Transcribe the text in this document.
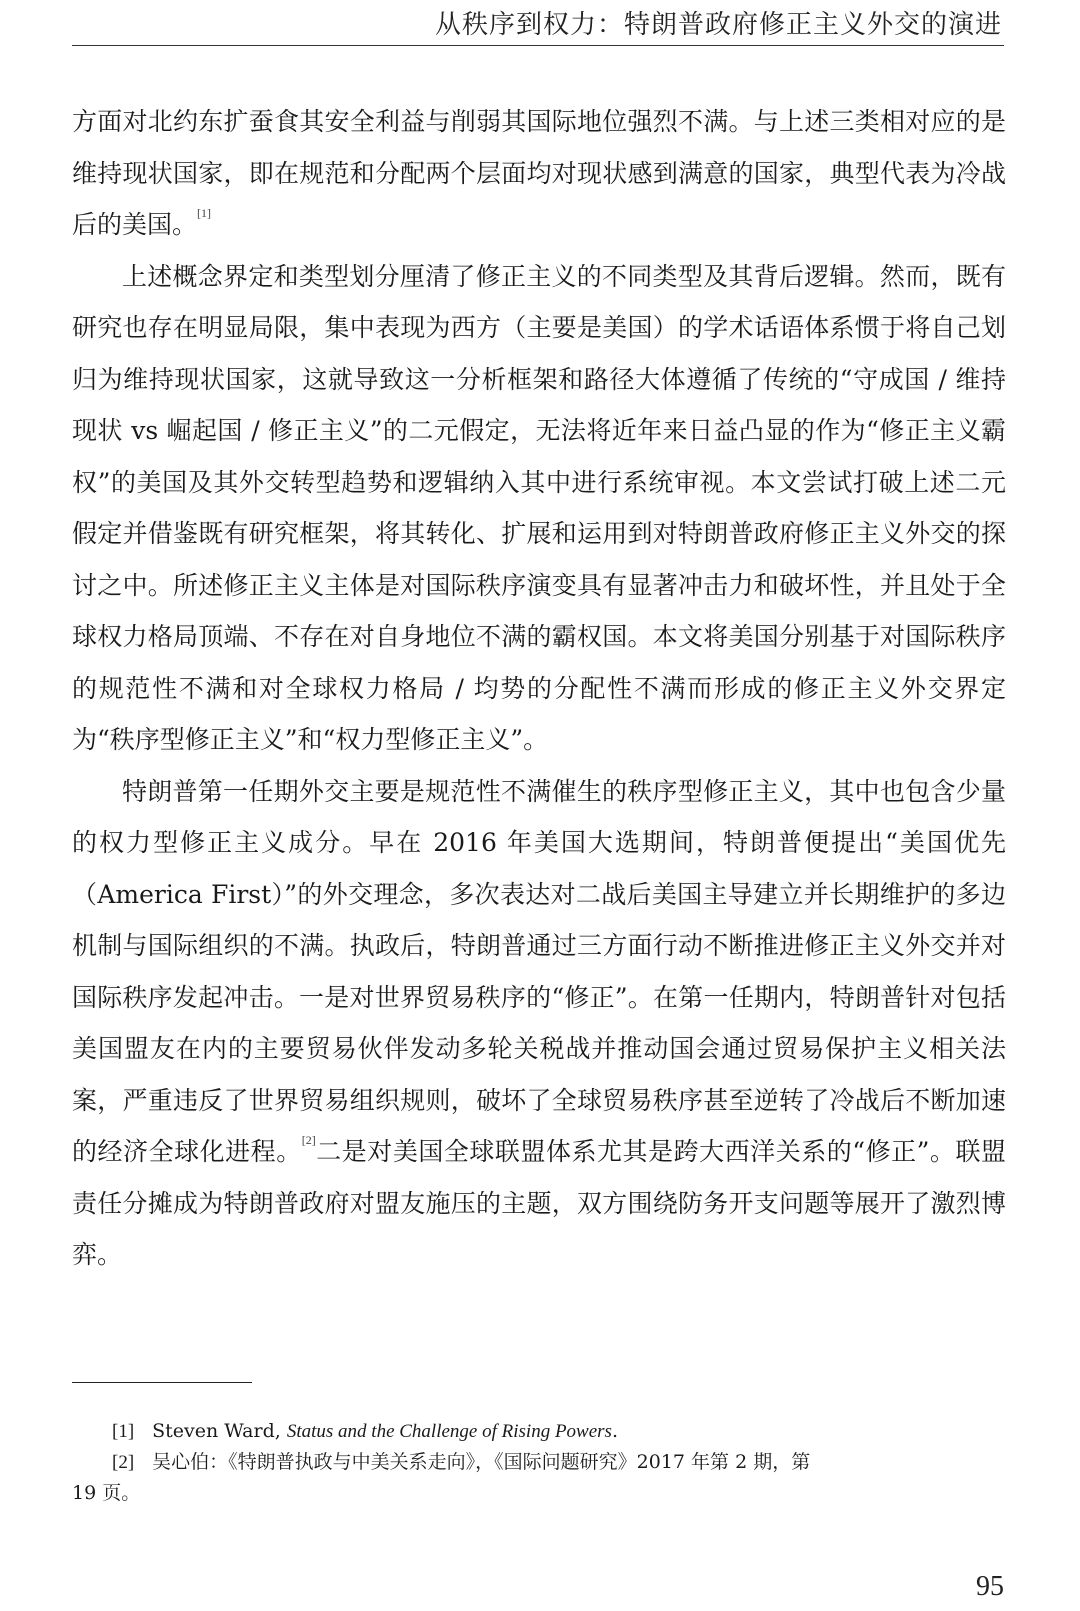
从秩序到权力：特朗普政府修正主义外交的演进

方面对北约东扩蚕食其安全利益与削弱其国际地位强烈不满。与上述三类相对应的是维持现状国家，即在规范和分配两个层面均对现状感到满意的国家，典型代表为冷战后的美国。[1]

上述概念界定和类型划分厘清了修正主义的不同类型及其背后逻辑。然而，既有研究也存在明显局限，集中表现为西方（主要是美国）的学术话语体系惯于将自己划归为维持现状国家，这就导致这一分析框架和路径大体遵循了传统的“守成国 / 维持现状 vs 崛起国 / 修正主义”的二元假定，无法将近年来日益凸显的作为“修正主义霸权”的美国及其外交转型趋势和逻辑纳入其中进行系统审视。本文尝试打破上述二元假定并借鉴既有研究框架，将其转化、扩展和运用到对特朗普政府修正主义外交的探讨之中。所述修正主义主体是对国际秩序演变具有显著冲击力和破坏性，并且处于全球权力格局顶端、不存在对自身地位不满的霸权国。本文将美国分别基于对国际秩序的规范性不满和对全球权力格局 / 均势的分配性不满而形成的修正主义外交界定为“秩序型修正主义”和“权力型修正主义”。

特朗普第一任期外交主要是规范性不满催生的秩序型修正主义，其中也包含少量的权力型修正主义成分。早在 2016 年美国大选期间，特朗普便提出“美国优先（America First）”的外交理念，多次表达对二战后美国主导建立并长期维护的多边机制与国际组织的不满。执政后，特朗普通过三方面行动不断推进修正主义外交并对国际秩序发起冲击。一是对世界贸易秩序的“修正”。在第一任期内，特朗普针对包括美国盟友在内的主要贸易伙伴发动多轮关税战并推动国会通过贸易保护主义相关法案，严重违反了世界贸易组织规则，破坏了全球贸易秩序甚至逆转了冷战后不断加速的经济全球化进程。[2]二是对美国全球联盟体系尤其是跨大西洋关系的“修正”。联盟责任分摊成为特朗普政府对盟友施压的主题，双方围绕防务开支问题等展开了激烈博弈。

[1] Steven Ward, Status and the Challenge of Rising Powers.

[2] 吴心伯：《特朗普执政与中美关系走向》，《国际问题研究》2017 年第 2 期，第
19 页。

95
